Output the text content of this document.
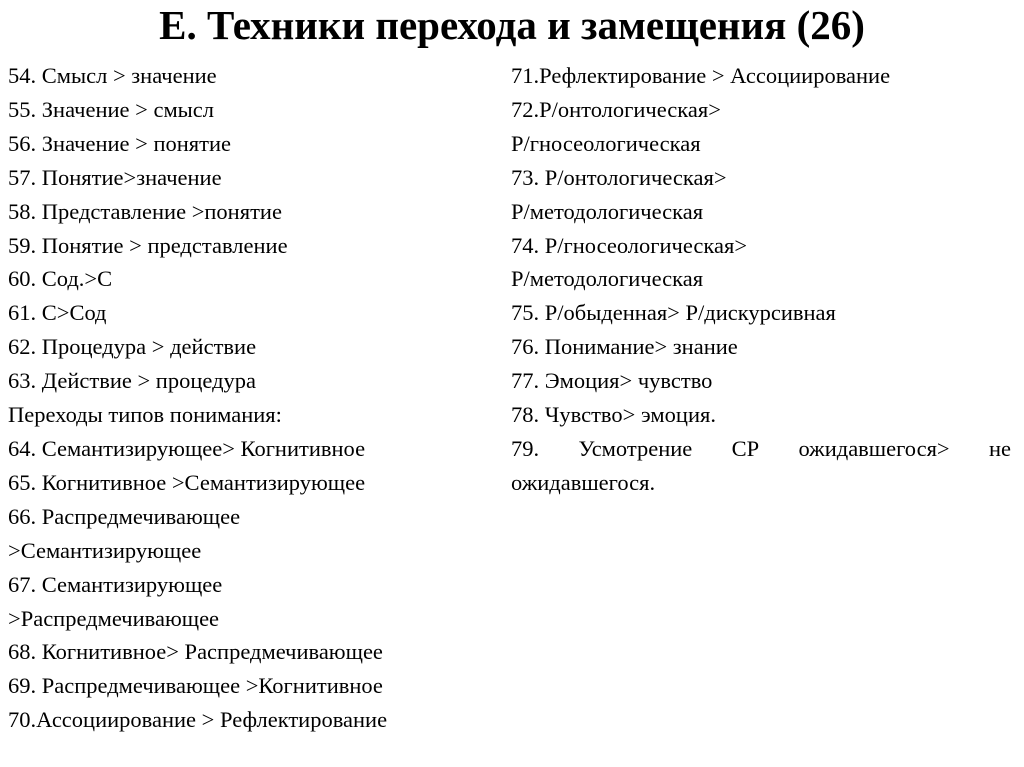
Е. Техники перехода и замещения (26)
54. Смысл > значение
55. Значение > смысл
56. Значение > понятие
57. Понятие>значение
58. Представление >понятие
59. Понятие > представление
60. Сод.>С
61. С>Сод
62. Процедура > действие
63. Действие > процедура
Переходы типов понимания:
64. Семантизирующее> Когнитивное
65. Когнитивное >Семантизирующее
66. Распредмечивающее
>Семантизирующее
67. Семантизирующее
>Распредмечивающее
68. Когнитивное> Распредмечивающее
69. Распредмечивающее >Когнитивное
70.Ассоциирование > Рефлектирование
71.Рефлектирование > Ассоциирование
72.Р/онтологическая>
Р/гносеологическая
73. Р/онтологическая>
Р/методологическая
74. Р/гносеологическая>
Р/методологическая
75. Р/обыденная> Р/дискурсивная
76. Понимание> знание
77. Эмоция> чувство
78. Чувство> эмоция.
79. Усмотрение СР ожидавшегося> не
ожидавшегося.
